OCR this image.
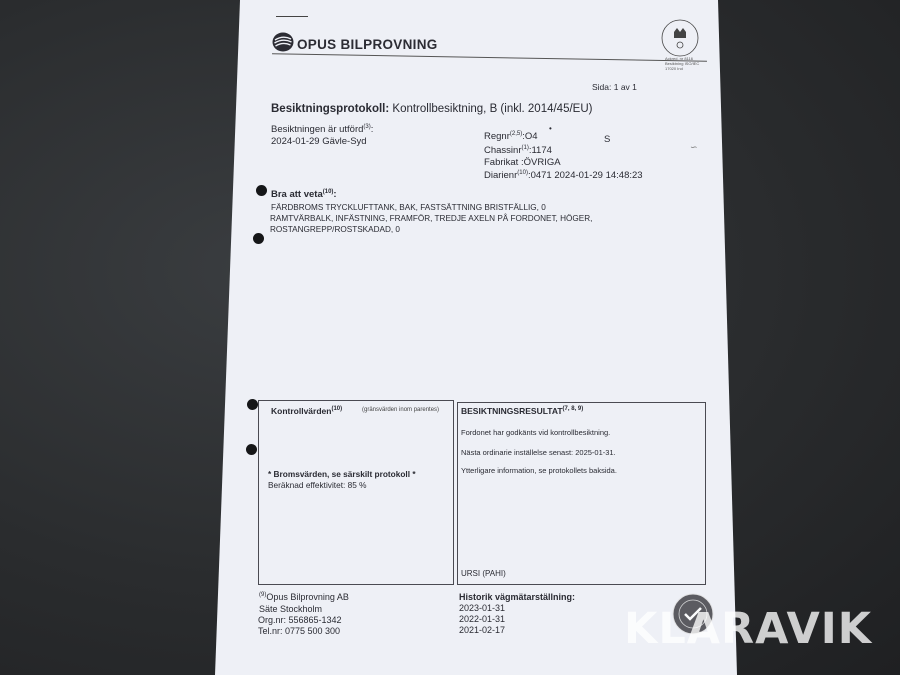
OPUS BILPROVNING
Ackred. nr 8116 Besiktning ISO/IEC 17020 Ind
Sida: 1 av 1
Besiktningsprotokoll: Kontrollbesiktning, B (inkl. 2014/45/EU)
Besiktningen är utförd$^{(3)}$:
2024-01-29 Gävle-Syd	Regnr$^{(2,5)}$:O4
•
S
Chassinr$^{(1)}$:1174	∽
Fabrikat :ÖVRIGA
Diarienr$^{(10)}$:0471 2024-01-29 14:48:23
Bra att veta$^{(10)}$:
FÄRDBROMS TRYCKLUFTTANK, BAK, FASTSÄTTNING BRISTFÄLLIG, 0
RAMTVÄRBALK, INFÄSTNING, FRAMFÖR, TREDJE AXELN PÅ FORDONET, HÖGER,
ROSTANGREPP/ROSTSKADAD, 0
Kontrollvärden$^{(10)}$	(gränsvärden inom parentes)
* Bromsvärden, se särskilt protokoll *
Beräknad effektivitet: 85 %
BESIKTNINGSRESULTAT$^{(7, 8, 9)}$
Fordonet har godkänts vid kontrollbesiktning.
Nästa ordinarie inställelse senast: 2025-01-31.
Ytterligare information, se protokollets baksida.
URSI (PAHI)
$^{(9)}$Opus Bilprovning AB
Säte Stockholm
Org.nr: 556865-1342
Tel.nr: 0775 500 300
Historik vägmätarställning:
2023-01-31
2022-01-31
2021-02-17	KLARAVIK
